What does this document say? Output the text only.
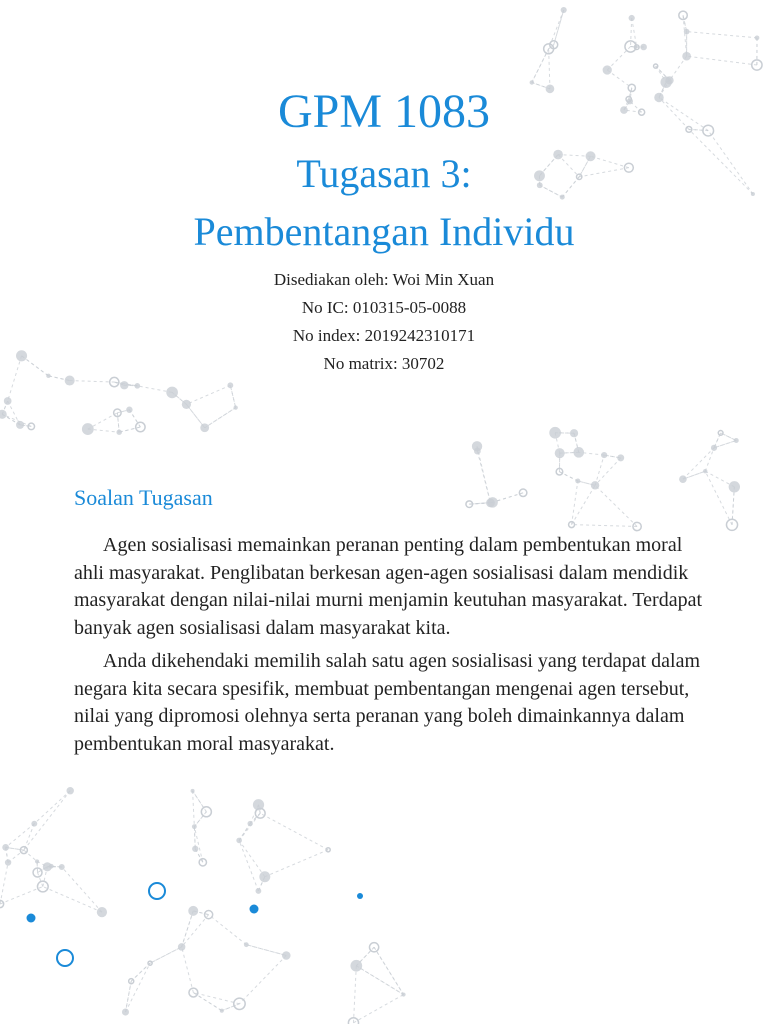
GPM 1083
Tugasan 3:
Pembentangan Individu
Disediakan oleh: Woi Min Xuan
No IC: 010315-05-0088
No index: 2019242310171
No matrix: 30702
Soalan Tugasan

Agen sosialisasi memainkan peranan penting dalam pembentukan moral ahli masyarakat. Penglibatan berkesan agen-agen sosialisasi dalam mendidik masyarakat dengan nilai-nilai murni menjamin keutuhan masyarakat. Terdapat banyak agen sosialisasi dalam masyarakat kita.

Anda dikehendaki memilih salah satu agen sosialisasi yang terdapat dalam negara kita secara spesifik, membuat pembentangan mengenai agen tersebut, nilai yang dipromosi olehnya serta peranan yang boleh dimainkannya dalam pembentukan moral masyarakat.
